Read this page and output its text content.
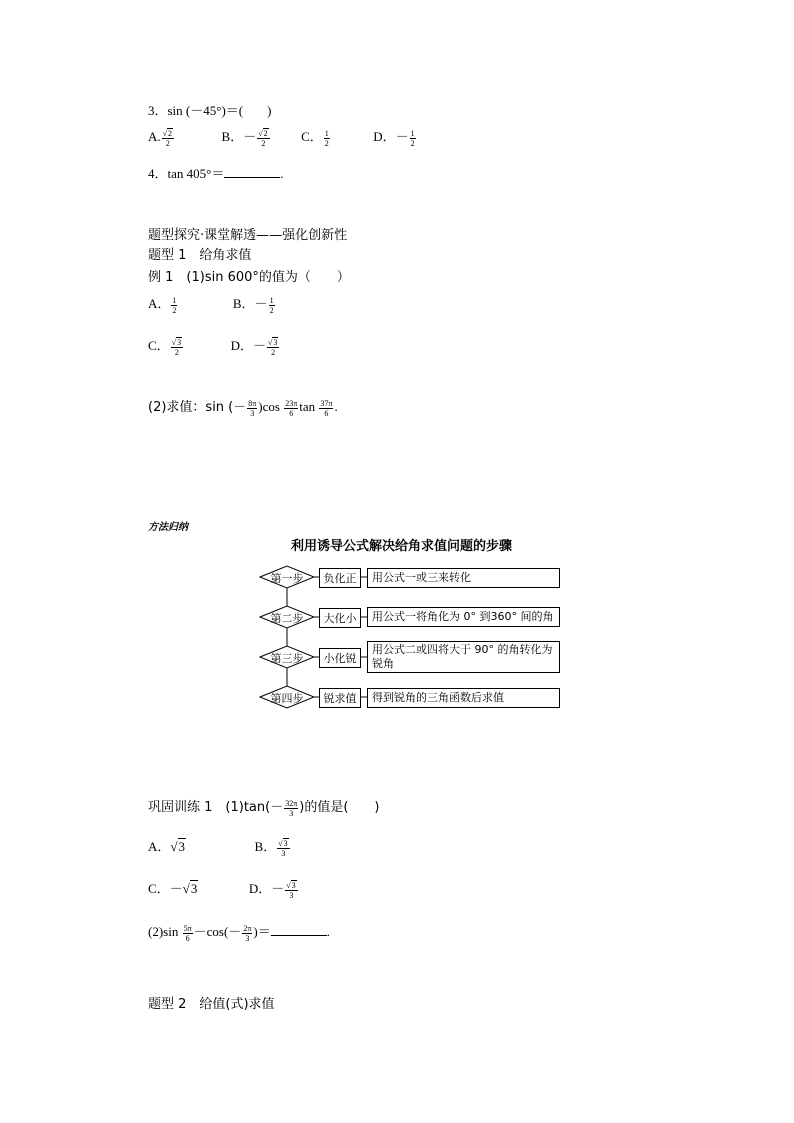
3．sin (－45°)＝( )
A. $\frac{√2}{2}$	B．－ $\frac{√2}{2}$ C． $\frac{1}{2}$	D．－ $\frac{1}{2}$
4．tan 405°＝	.
题型探究·课堂解透——强化创新性
题型 1　给角求值
例 1　(1)sin 600°的值为（　　）
A． $\frac{1}{2}$	B．－ $\frac{1}{2}$
C． $\frac{√3}{2}$	D．－ $\frac{√3}{2}$
(2)求值：sin (－ $\frac{8\pi}{3} )\cos \frac{23\pi}{6}$ $\tan \frac{37\pi}{6}$ .
方法归纳
利用诱导公式解决给角求值问题的步骤
第一步
第二步
第三步
第四步
负化正
大化小
小化锐
锐求值
用公式一或三来转化
用公式一将角化为 0° 到360° 间的角
用公式二或四将大于 90° 的角转化为锐角
得到锐角的三角函数后求值
巩固训练 1　$(1)\tan(- \frac{32\pi}{3}$ )的值是(　　)
A．√3	B． $\frac{√3}{3}$
C．－√3	D．－ $\frac{√3}{3}$
$(2)\sin \frac{5\pi}{6} -\cos(- \frac{2\pi}{3}$ )＝	.
题型 2　给值(式)求值
